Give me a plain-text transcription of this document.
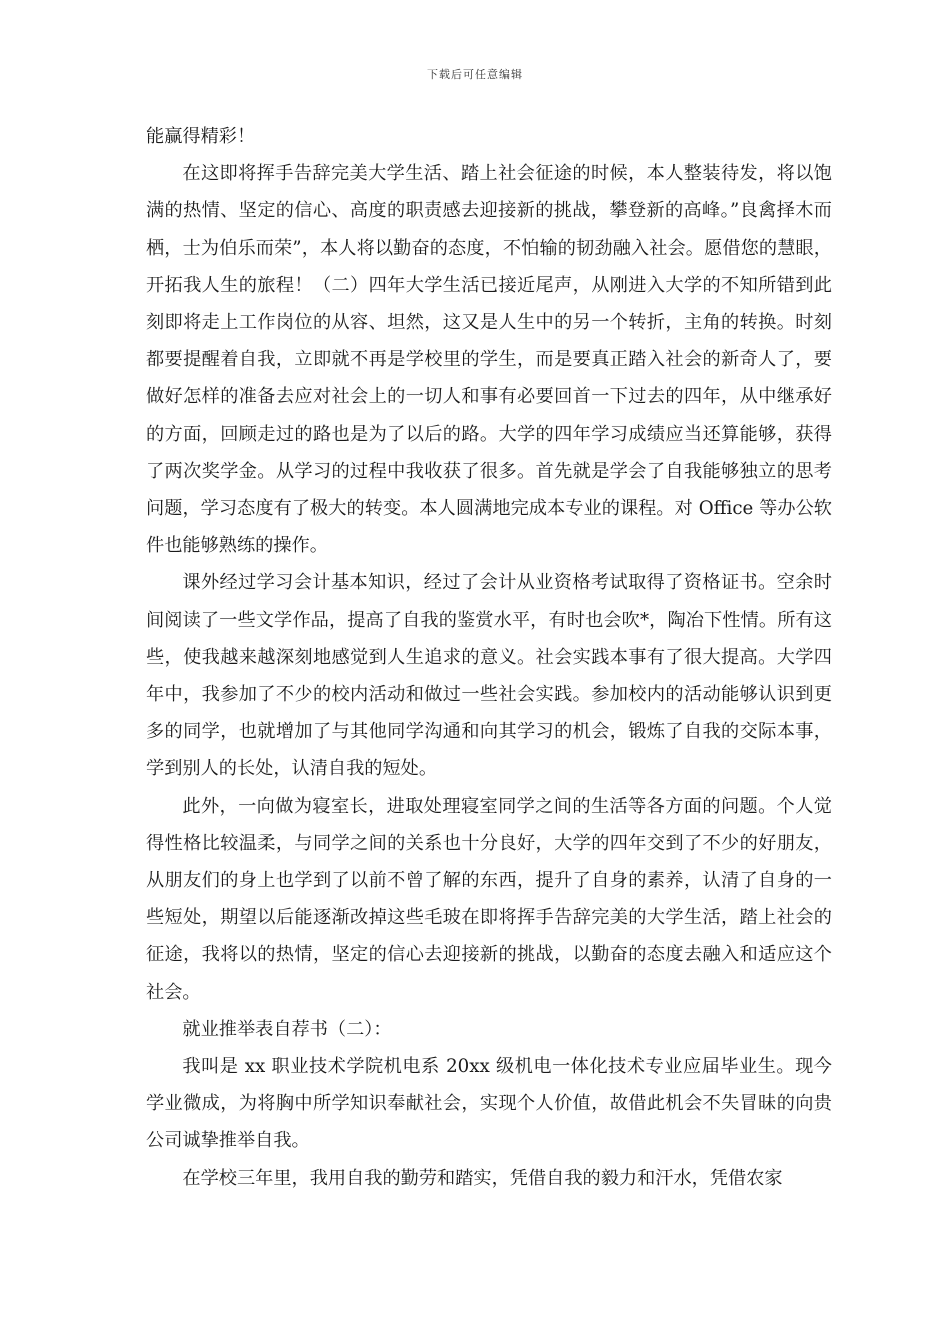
下载后可任意编辑

能赢得精彩！

在这即将挥手告辞完美大学生活、踏上社会征途的时候，本人整装待发，将以饱满的热情、坚定的信心、高度的职责感去迎接新的挑战，攀登新的高峰。”良禽择木而栖，士为伯乐而荣”，本人将以勤奋的态度，不怕输的韧劲融入社会。愿借您的慧眼，开拓我人生的旅程！（二）四年大学生活已接近尾声，从刚进入大学的不知所错到此刻即将走上工作岗位的从容、坦然，这又是人生中的另一个转折，主角的转换。时刻都要提醒着自我，立即就不再是学校里的学生，而是要真正踏入社会的新奇人了，要做好怎样的准备去应对社会上的一切人和事有必要回首一下过去的四年，从中继承好的方面，回顾走过的路也是为了以后的路。大学的四年学习成绩应当还算能够，获得了两次奖学金。从学习的过程中我收获了很多。首先就是学会了自我能够独立的思考问题，学习态度有了极大的转变。本人圆满地完成本专业的课程。对 Office 等办公软件也能够熟练的操作。

课外经过学习会计基本知识，经过了会计从业资格考试取得了资格证书。空余时间阅读了一些文学作品，提高了自我的鉴赏水平，有时也会吹*，陶冶下性情。所有这些，使我越来越深刻地感觉到人生追求的意义。社会实践本事有了很大提高。大学四年中，我参加了不少的校内活动和做过一些社会实践。参加校内的活动能够认识到更多的同学，也就增加了与其他同学沟通和向其学习的机会，锻炼了自我的交际本事，学到别人的长处，认清自我的短处。

此外，一向做为寝室长，进取处理寝室同学之间的生活等各方面的问题。个人觉得性格比较温柔，与同学之间的关系也十分良好，大学的四年交到了不少的好朋友，从朋友们的身上也学到了以前不曾了解的东西，提升了自身的素养，认清了自身的一些短处，期望以后能逐渐改掉这些毛玻在即将挥手告辞完美的大学生活，踏上社会的征途，我将以的热情，坚定的信心去迎接新的挑战，以勤奋的态度去融入和适应这个社会。

就业推举表自荐书（二）：

我叫是 xx 职业技术学院机电系 20xx 级机电一体化技术专业应届毕业生。现今学业微成，为将胸中所学知识奉献社会，实现个人价值，故借此机会不失冒昧的向贵公司诚挚推举自我。

在学校三年里，我用自我的勤劳和踏实，凭借自我的毅力和汗水，凭借农家
